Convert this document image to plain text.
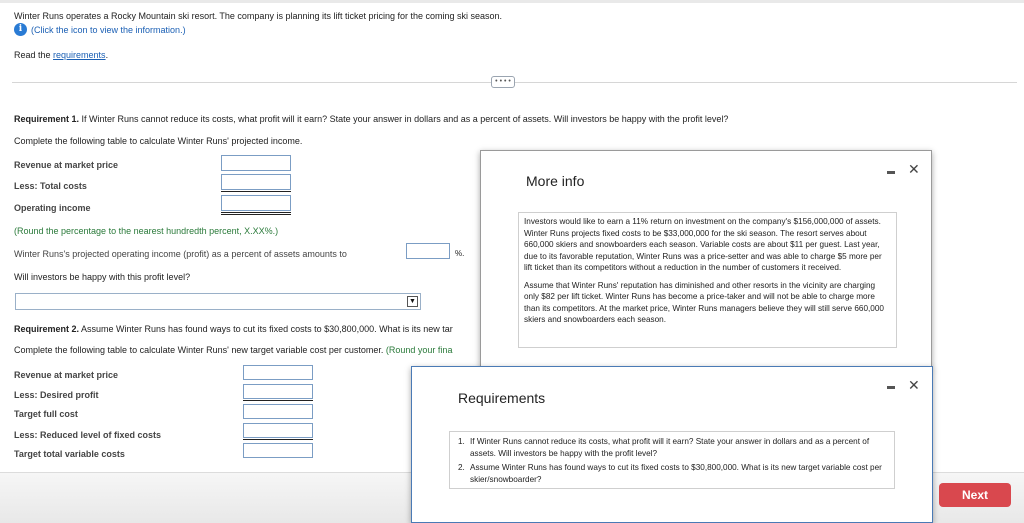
Winter Runs operates a Rocky Mountain ski resort. The company is planning its lift ticket pricing for the coming ski season.
i (Click the icon to view the information.)
Read the requirements.
• • • •
Requirement 1. If Winter Runs cannot reduce its costs, what profit will it earn? State your answer in dollars and as a percent of assets. Will investors be happy with the profit level?
Complete the following table to calculate Winter Runs' projected income.
Revenue at market price
Less: Total costs
Operating income
(Round the percentage to the nearest hundredth percent, X.XX%.)
Winter Runs's projected operating income (profit) as a percent of assets amounts to	%.
Will investors be happy with this profit level?
▼
Requirement 2. Assume Winter Runs has found ways to cut its fixed costs to $30,800,000. What is its new tar
Complete the following table to calculate Winter Runs' new target variable cost per customer. (Round your fina
Revenue at market price
Less: Desired profit
Target full cost
Less: Reduced level of fixed costs
Target total variable costs
Next
More info
✕

Investors would like to earn a 11% return on investment on the company's $156,000,000 of assets. Winter Runs projects fixed costs to be $33,000,000 for the ski season. The resort serves about 660,000 skiers and snowboarders each season. Variable costs are about $11 per guest. Last year, due to its favorable reputation, Winter Runs was a price-setter and was able to charge $5 more per lift ticket than its competitors without a reduction in the number of customers it received.

Assume that Winter Runs' reputation has diminished and other resorts in the vicinity are charging only $82 per lift ticket. Winter Runs has become a price-taker and will not be able to charge more than its competitors. At the market price, Winter Runs managers believe they will still serve 660,000 skiers and snowboarders each season.

Requirements
✕
1. If Winter Runs cannot reduce its costs, what profit will it earn? State your answer in dollars and as a percent of assets. Will investors be happy with the profit level?
2. Assume Winter Runs has found ways to cut its fixed costs to $30,800,000. What is its new target variable cost per skier/snowboarder?
